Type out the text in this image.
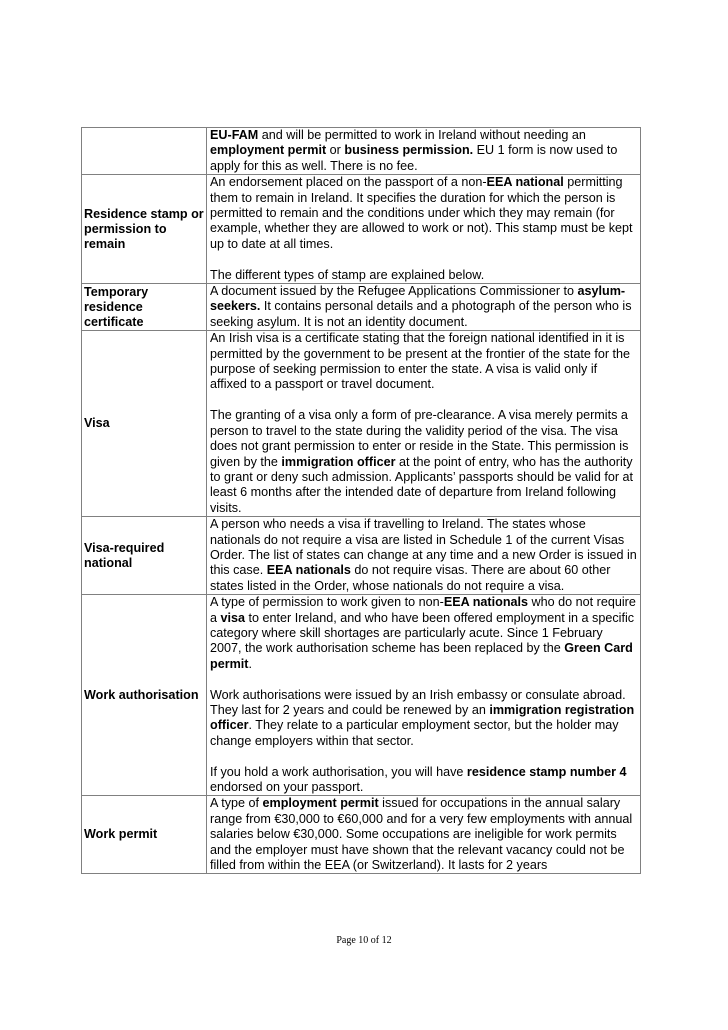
EU-FAM and will be permitted to work in Ireland without needing an employment permit or business permission. EU 1 form is now used to apply for this as well. There is no fee.

Residence stamp or permission to remain

An endorsement placed on the passport of a non-EEA national permitting them to remain in Ireland. It specifies the duration for which the person is permitted to remain and the conditions under which they may remain (for example, whether they are allowed to work or not). This stamp must be kept up to date at all times.

The different types of stamp are explained below.

Temporary residence certificate

A document issued by the Refugee Applications Commissioner to asylum-seekers. It contains personal details and a photograph of the person who is seeking asylum. It is not an identity document.

Visa

An Irish visa is a certificate stating that the foreign national identified in it is permitted by the government to be present at the frontier of the state for the purpose of seeking permission to enter the state. A visa is valid only if affixed to a passport or travel document.

The granting of a visa only a form of pre-clearance. A visa merely permits a person to travel to the state during the validity period of the visa. The visa does not grant permission to enter or reside in the State. This permission is given by the immigration officer at the point of entry, who has the authority to grant or deny such admission. Applicants’ passports should be valid for at least 6 months after the intended date of departure from Ireland following visits.

Visa-required national

A person who needs a visa if travelling to Ireland. The states whose nationals do not require a visa are listed in Schedule 1 of the current Visas Order. The list of states can change at any time and a new Order is issued in this case. EEA nationals do not require visas. There are about 60 other states listed in the Order, whose nationals do not require a visa.

Work authorisation

A type of permission to work given to non-EEA nationals who do not require a visa to enter Ireland, and who have been offered employment in a specific category where skill shortages are particularly acute. Since 1 February 2007, the work authorisation scheme has been replaced by the Green Card permit.

Work authorisations were issued by an Irish embassy or consulate abroad. They last for 2 years and could be renewed by an immigration registration officer. They relate to a particular employment sector, but the holder may change employers within that sector.

If you hold a work authorisation, you will have residence stamp number 4 endorsed on your passport.

Work permit

A type of employment permit issued for occupations in the annual salary range from €30,000 to €60,000 and for a very few employments with annual salaries below €30,000. Some occupations are ineligible for work permits and the employer must have shown that the relevant vacancy could not be filled from within the EEA (or Switzerland). It lasts for 2 years

Page 10 of 12
